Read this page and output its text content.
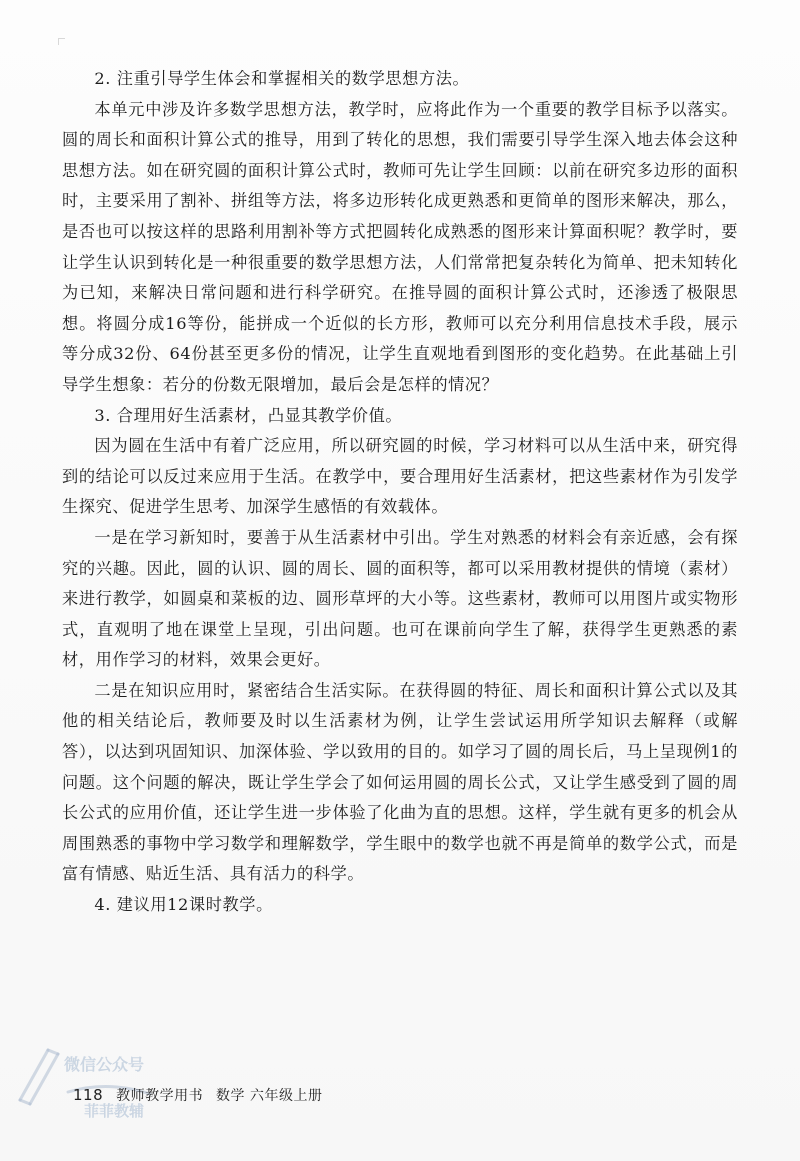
2. 注重引导学生体会和掌握相关的数学思想方法。

本单元中涉及许多数学思想方法，教学时，应将此作为一个重要的教学目标予以落实。圆的周长和面积计算公式的推导，用到了转化的思想，我们需要引导学生深入地去体会这种思想方法。如在研究圆的面积计算公式时，教师可先让学生回顾：以前在研究多边形的面积时，主要采用了割补、拼组等方法，将多边形转化成更熟悉和更简单的图形来解决，那么，是否也可以按这样的思路利用割补等方式把圆转化成熟悉的图形来计算面积呢？教学时，要让学生认识到转化是一种很重要的数学思想方法，人们常常把复杂转化为简单、把未知转化为已知，来解决日常问题和进行科学研究。在推导圆的面积计算公式时，还渗透了极限思想。将圆分成16等份，能拼成一个近似的长方形，教师可以充分利用信息技术手段，展示等分成32份、64份甚至更多份的情况，让学生直观地看到图形的变化趋势。在此基础上引导学生想象：若分的份数无限增加，最后会是怎样的情况？

3. 合理用好生活素材，凸显其教学价值。

因为圆在生活中有着广泛应用，所以研究圆的时候，学习材料可以从生活中来，研究得到的结论可以反过来应用于生活。在教学中，要合理用好生活素材，把这些素材作为引发学生探究、促进学生思考、加深学生感悟的有效载体。

一是在学习新知时，要善于从生活素材中引出。学生对熟悉的材料会有亲近感，会有探究的兴趣。因此，圆的认识、圆的周长、圆的面积等，都可以采用教材提供的情境（素材）来进行教学，如圆桌和菜板的边、圆形草坪的大小等。这些素材，教师可以用图片或实物形式，直观明了地在课堂上呈现，引出问题。也可在课前向学生了解，获得学生更熟悉的素材，用作学习的材料，效果会更好。

二是在知识应用时，紧密结合生活实际。在获得圆的特征、周长和面积计算公式以及其他的相关结论后，教师要及时以生活素材为例，让学生尝试运用所学知识去解释（或解答），以达到巩固知识、加深体验、学以致用的目的。如学习了圆的周长后，马上呈现例1的问题。这个问题的解决，既让学生学会了如何运用圆的周长公式，又让学生感受到了圆的周长公式的应用价值，还让学生进一步体验了化曲为直的思想。这样，学生就有更多的机会从周围熟悉的事物中学习数学和理解数学，学生眼中的数学也就不再是简单的数学公式，而是富有情感、贴近生活、具有活力的科学。

4. 建议用12课时教学。

微信公众号
菲菲教辅
118 教师教学用书 数学 六年级上册
